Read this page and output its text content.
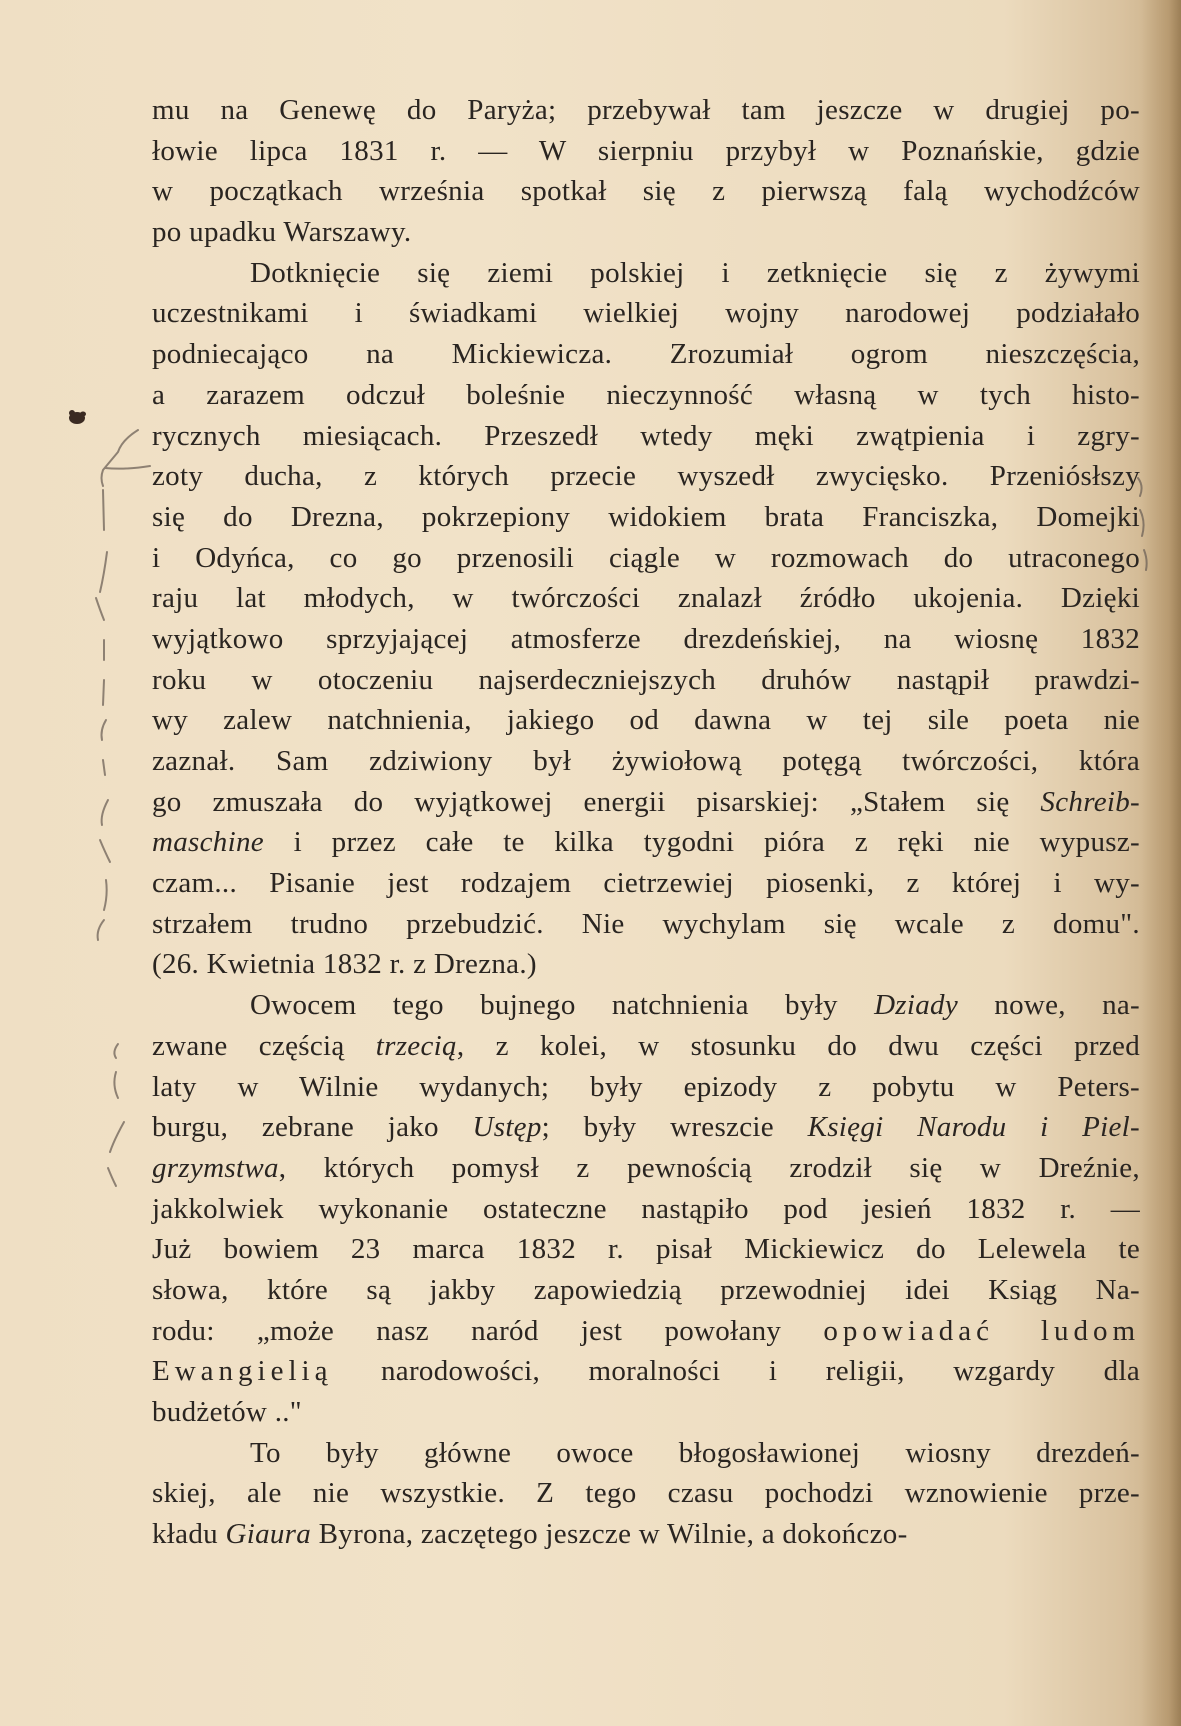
mu na Genewę do Paryża; przebywał tam jeszcze w drugiej po-
łowie lipca 1831 r. — W sierpniu przybył w Poznańskie, gdzie
w początkach września spotkał się z pierwszą falą wychodźców
po upadku Warszawy.
Dotknięcie się ziemi polskiej i zetknięcie się z żywymi
uczestnikami i świadkami wielkiej wojny narodowej podziałało
podniecająco na Mickiewicza. Zrozumiał ogrom nieszczęścia,
a zarazem odczuł boleśnie nieczynność własną w tych histo-
rycznych miesiącach. Przeszedł wtedy męki zwątpienia i zgry-
zoty ducha, z których przecie wyszedł zwycięsko. Przeniósłszy
się do Drezna, pokrzepiony widokiem brata Franciszka, Domejki
i Odyńca, co go przenosili ciągle w rozmowach do utraconego
raju lat młodych, w twórczości znalazł źródło ukojenia. Dzięki
wyjątkowo sprzyjającej atmosferze drezdeńskiej, na wiosnę 1832
roku w otoczeniu najserdeczniejszych druhów nastąpił prawdzi-
wy zalew natchnienia, jakiego od dawna w tej sile poeta nie
zaznał. Sam zdziwiony był żywiołową potęgą twórczości, która
go zmuszała do wyjątkowej energii pisarskiej: „Stałem się Schreib-
maschine i przez całe te kilka tygodni pióra z ręki nie wypusz-
czam... Pisanie jest rodzajem cietrzewiej piosenki, z której i wy-
strzałem trudno przebudzić. Nie wychylam się wcale z domu".
(26. Kwietnia 1832 r. z Drezna.)
Owocem tego bujnego natchnienia były Dziady nowe, na-
zwane częścią trzecią, z kolei, w stosunku do dwu części przed
laty w Wilnie wydanych; były epizody z pobytu w Peters-
burgu, zebrane jako Ustęp; były wreszcie Księgi Narodu i Piel-
grzymstwa, których pomysł z pewnością zrodził się w Dreźnie,
jakkolwiek wykonanie ostateczne nastąpiło pod jesień 1832 r. —
Już bowiem 23 marca 1832 r. pisał Mickiewicz do Lelewela te
słowa, które są jakby zapowiedzią przewodniej idei Ksiąg Na-
rodu: „może nasz naród jest powołany opowiadać ludom
Ewangielią narodowości, moralności i religii, wzgardy dla
budżetów .."
To były główne owoce błogosławionej wiosny drezdeń-
skiej, ale nie wszystkie. Z tego czasu pochodzi wznowienie prze-
kładu Giaura Byrona, zaczętego jeszcze w Wilnie, a dokończo-
